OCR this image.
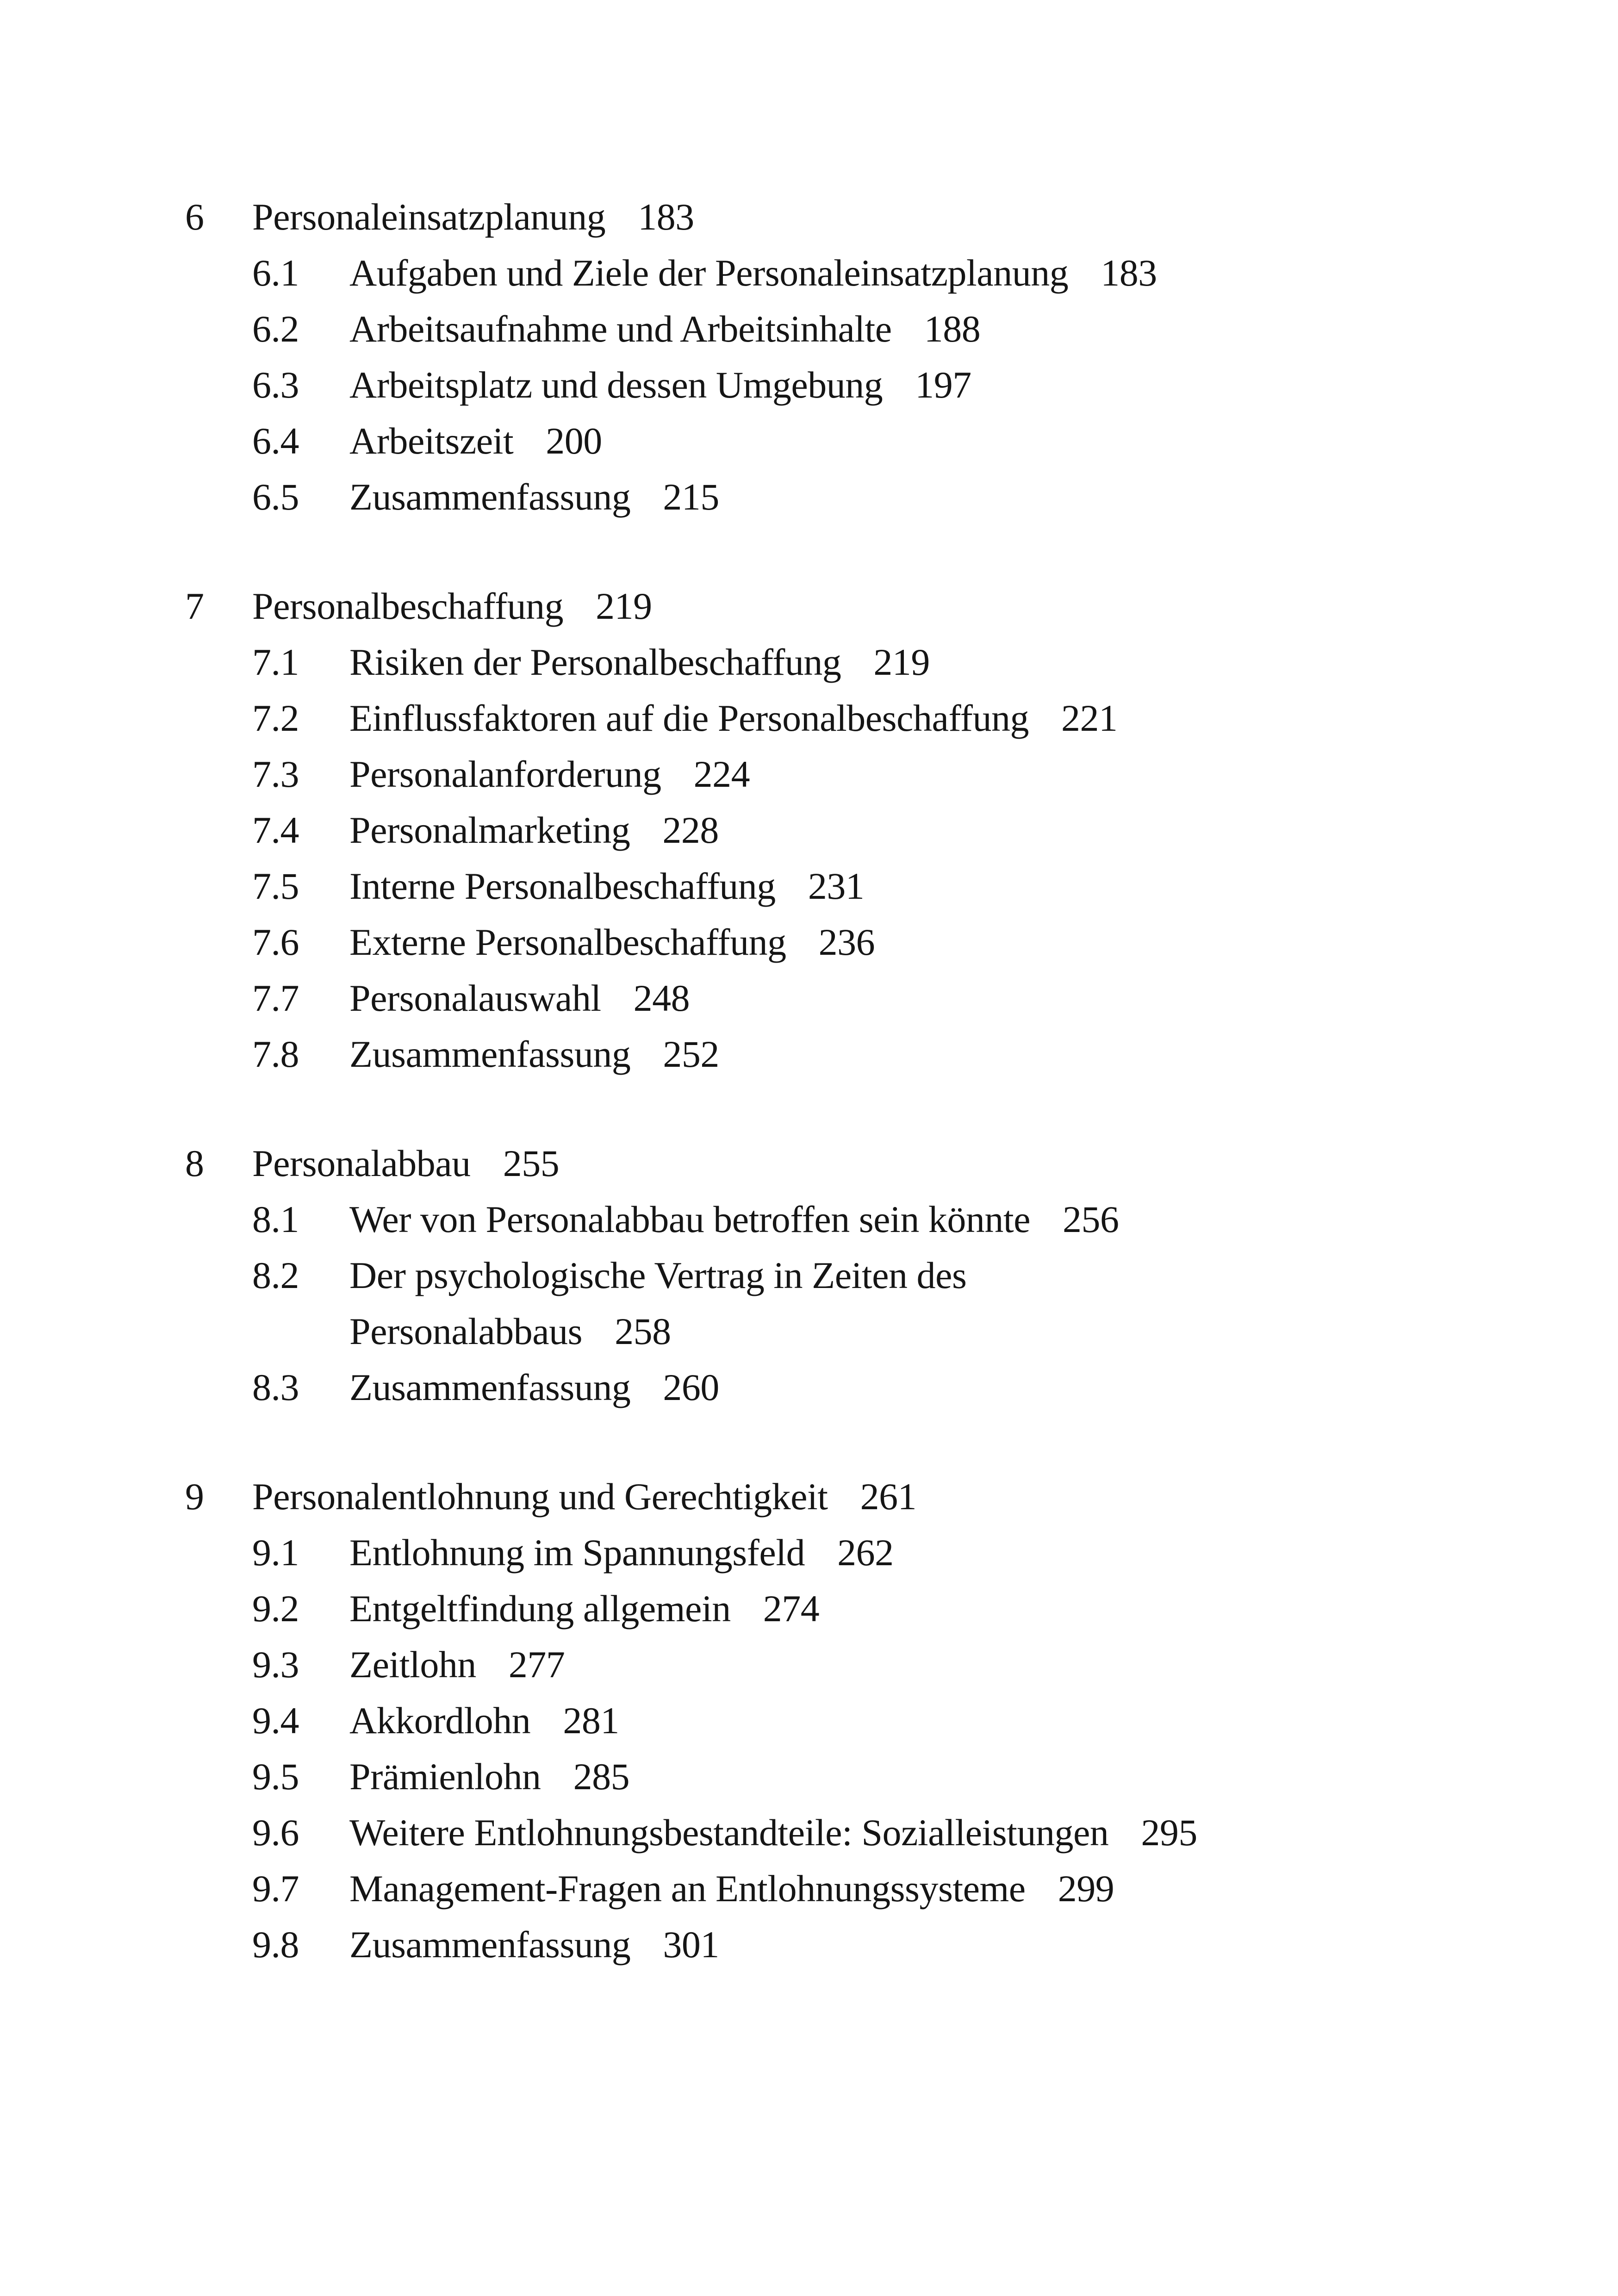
6	Personaleinsatzplanung 183
6.1	Aufgaben und Ziele der Personaleinsatzplanung 183
6.2	Arbeitsaufnahme und Arbeitsinhalte 188
6.3	Arbeitsplatz und dessen Umgebung 197
6.4	Arbeitszeit 200
6.5	Zusammenfassung 215
7	Personalbeschaffung 219
7.1	Risiken der Personalbeschaffung 219
7.2	Einflussfaktoren auf die Personalbeschaffung 221
7.3	Personalanforderung 224
7.4	Personalmarketing 228
7.5	Interne Personalbeschaffung 231
7.6	Externe Personalbeschaffung 236
7.7	Personalauswahl 248
7.8	Zusammenfassung 252
8	Personalabbau 255
8.1	Wer von Personalabbau betroffen sein könnte 256
8.2	Der psychologische Vertrag in Zeiten des
Personalabbaus 258
8.3	Zusammenfassung 260
9	Personalentlohnung und Gerechtigkeit 261
9.1	Entlohnung im Spannungsfeld 262
9.2	Entgeltfindung allgemein 274
9.3	Zeitlohn 277
9.4	Akkordlohn 281
9.5	Prämienlohn 285
9.6	Weitere Entlohnungsbestandteile: Sozialleistungen 295
9.7	Management-Fragen an Entlohnungssysteme 299
9.8	Zusammenfassung 301
